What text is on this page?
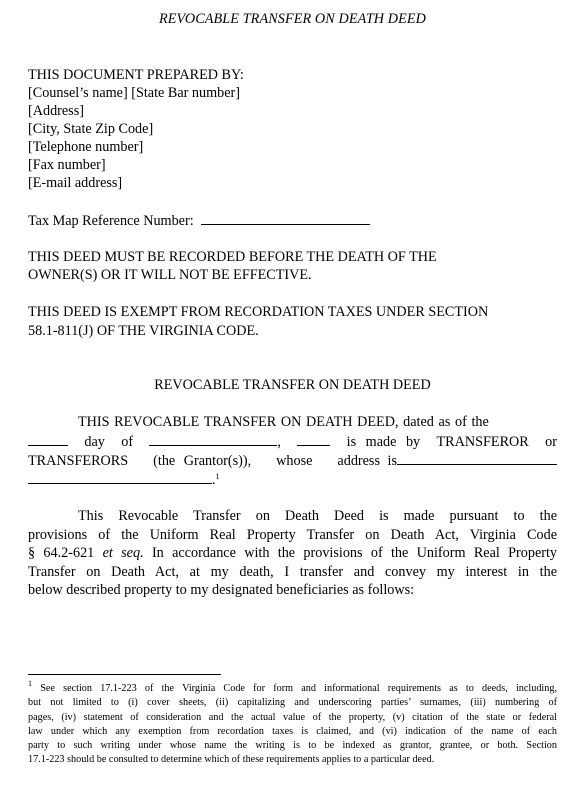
REVOCABLE TRANSFER ON DEATH DEED
THIS DOCUMENT PREPARED BY:
[Counsel’s name] [State Bar number]
[Address]
[City, State Zip Code]
[Telephone number]
[Fax number]
[E-mail address]
Tax Map Reference Number:
THIS DEED MUST BE RECORDED BEFORE THE DEATH OF THE
OWNER(S) OR IT WILL NOT BE EFFECTIVE.
THIS DEED IS EXEMPT FROM RECORDATION TAXES UNDER SECTION
58.1-811(J) OF THE VIRGINIA CODE.
REVOCABLE TRANSFER ON DEATH DEED
THIS REVOCABLE TRANSFER ON DEATH DEED, dated as of the
day of	,	is made by TRANSFEROR or
TRANSFERORS (the Grantor(s)), whose address is
.$^1$
This Revocable Transfer on Death Deed is made pursuant to the
provisions of the Uniform Real Property Transfer on Death Act, Virginia Code
§ 64.2-621 et seq. In accordance with the provisions of the Uniform Real Property
Transfer on Death Act, at my death, I transfer and convey my interest in the
below described property to my designated beneficiaries as follows:
$^1$ See section 17.1-223 of the Virginia Code for form and informational requirements as to deeds, including,
but not limited to (i) cover sheets, (ii) capitalizing and underscoring parties’ surnames, (iii) numbering of
pages, (iv) statement of consideration and the actual value of the property, (v) citation of the state or federal
law under which any exemption from recordation taxes is claimed, and (vi) indication of the name of each
party to such writing under whose name the writing is to be indexed as grantor, grantee, or both. Section
17.1-223 should be consulted to determine which of these requirements applies to a particular deed.
